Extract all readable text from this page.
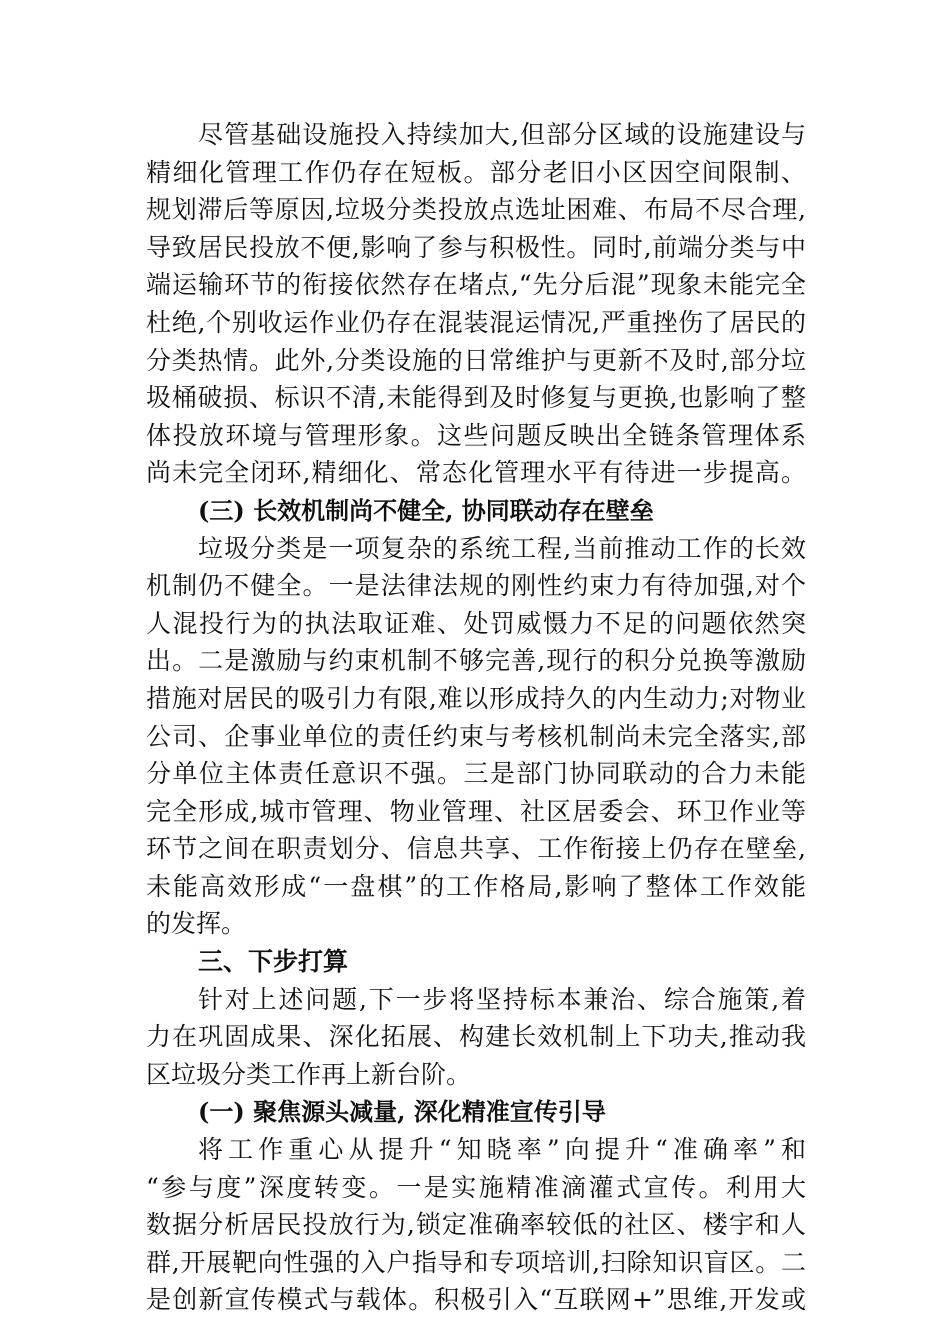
尽管基础设施投入持续加大,但部分区域的设施建设与
精细化管理工作仍存在短板。部分老旧小区因空间限制、
规划滞后等原因,垃圾分类投放点选址困难、布局不尽合理,
导致居民投放不便,影响了参与积极性。同时,前端分类与中
端运输环节的衔接依然存在堵点,“先分后混”现象未能完全
杜绝,个别收运作业仍存在混装混运情况,严重挫伤了居民的
分类热情。此外,分类设施的日常维护与更新不及时,部分垃
圾桶破损、标识不清,未能得到及时修复与更换,也影响了整
体投放环境与管理形象。这些问题反映出全链条管理体系
尚未完全闭环,精细化、常态化管理水平有待进一步提高。
(三) 长效机制尚不健全, 协同联动存在壁垒
垃圾分类是一项复杂的系统工程,当前推动工作的长效
机制仍不健全。一是法律法规的刚性约束力有待加强,对个
人混投行为的执法取证难、处罚威慑力不足的问题依然突
出。二是激励与约束机制不够完善,现行的积分兑换等激励
措施对居民的吸引力有限,难以形成持久的内生动力;对物业
公司、企事业单位的责任约束与考核机制尚未完全落实,部
分单位主体责任意识不强。三是部门协同联动的合力未能
完全形成,城市管理、物业管理、社区居委会、环卫作业等
环节之间在职责划分、信息共享、工作衔接上仍存在壁垒,
未能高效形成“一盘棋”的工作格局,影响了整体工作效能
的发挥。
三、下步打算
针对上述问题,下一步将坚持标本兼治、综合施策,着
力在巩固成果、深化拓展、构建长效机制上下功夫,推动我
区垃圾分类工作再上新台阶。
(一) 聚焦源头减量, 深化精准宣传引导
将工作重心从提升“知晓率”向提升“准确率”和
“参与度”深度转变。一是实施精准滴灌式宣传。利用大
数据分析居民投放行为,锁定准确率较低的社区、楼宇和人
群,开展靶向性强的入户指导和专项培训,扫除知识盲区。二
是创新宣传模式与载体。积极引入“互联网+”思维,开发或
